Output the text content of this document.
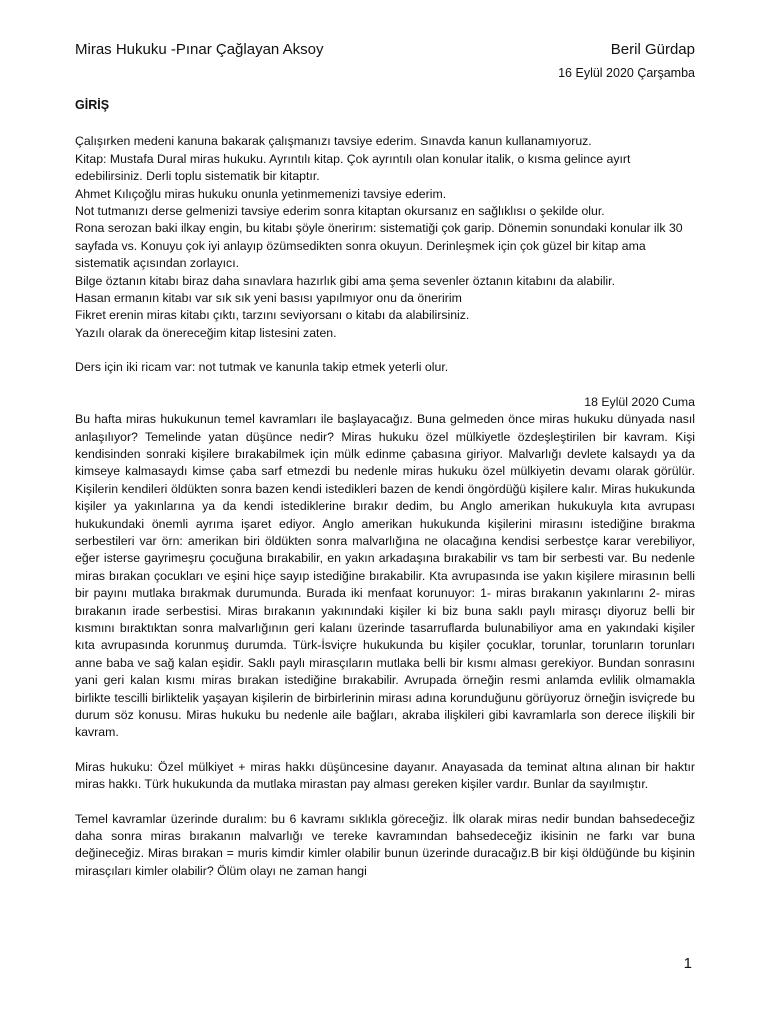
Miras Hukuku -Pınar Çağlayan Aksoy	Beril Gürdap
16 Eylül 2020 Çarşamba

GİRİŞ

Çalışırken medeni kanuna bakarak çalışmanızı tavsiye ederim. Sınavda kanun kullanamıyoruz.

Kitap: Mustafa Dural miras hukuku. Ayrıntılı kitap. Çok ayrıntılı olan konular italik, o kısma gelince ayırt edebilirsiniz. Derli toplu sistematik bir kitaptır.

Ahmet Kılıçoğlu miras hukuku onunla yetinmemenizi tavsiye ederim.

Not tutmanızı derse gelmenizi tavsiye ederim sonra kitaptan okursanız en sağlıklısı o şekilde olur.

Rona serozan baki ilkay engin, bu kitabı şöyle önerirım: sistematiği çok garip. Dönemin sonundaki konular ilk 30 sayfada vs. Konuyu çok iyi anlayıp özümsedikten sonra okuyun. Derinleşmek için çok güzel bir kitap ama sistematik açısından zorlayıcı.

Bilge öztanın kitabı biraz daha sınavlara hazırlık gibi ama şema sevenler öztanın kitabını da alabilir.

Hasan ermanın kitabı var sık sık yeni basısı yapılmıyor onu da öneririm

Fikret erenin miras kitabı çıktı, tarzını seviyorsanı o kitabı da alabilirsiniz.

Yazılı olarak da önereceğim kitap listesini zaten.

Ders için iki ricam var: not tutmak ve kanunla takip etmek yeterli olur.

18 Eylül 2020 Cuma

Bu hafta miras hukukunun temel kavramları ile başlayacağız. Buna gelmeden önce miras hukuku dünyada nasıl anlaşılıyor? Temelinde yatan düşünce nedir? Miras hukuku özel mülkiyetle özdeşleştirilen bir kavram. Kişi kendisinden sonraki kişilere bırakabilmek için mülk edinme çabasına giriyor. Malvarlığı devlete kalsaydı ya da kimseye kalmasaydı kimse çaba sarf etmezdi bu nedenle miras hukuku özel mülkiyetin devamı olarak görülür. Kişilerin kendileri öldükten sonra bazen kendi istedikleri bazen de kendi öngördüğü kişilere kalır. Miras hukukunda kişiler ya yakınlarına ya da kendi istediklerine bırakır dedim, bu Anglo amerikan hukukuyla kıta avrupası hukukundaki önemli ayrıma işaret ediyor. Anglo amerikan hukukunda kişilerini mirasını istediğine bırakma serbestileri var örn: amerikan biri öldükten sonra malvarlığına ne olacağına kendisi serbestçe karar verebiliyor, eğer isterse gayrimeşru çocuğuna bırakabilir, en yakın arkadaşına bırakabilir vs tam bir serbesti var. Bu nedenle miras bırakan çocukları ve eşini hiçe sayıp istediğine bırakabilir. Kta avrupasında ise yakın kişilere mirasının belli bir payını mutlaka bırakmak durumunda. Burada iki menfaat korunuyor: 1- miras bırakanın yakınlarını 2- miras bırakanın irade serbestisi. Miras bırakanın yakınındaki kişiler ki biz buna saklı paylı mirasçı diyoruz belli bir kısmını bıraktıktan sonra malvarlığının geri kalanı üzerinde tasarruflarda bulunabiliyor ama en yakındaki kişiler kıta avrupasında korunmuş durumda. Türk-İsviçre hukukunda bu kişiler çocuklar, torunlar, torunların torunları anne baba ve sağ kalan eşidir. Saklı paylı mirasçıların mutlaka belli bir kısmı alması gerekiyor. Bundan sonrasını yani geri kalan kısmı miras bırakan istediğine bırakabilir. Avrupada örneğin resmi anlamda evlilik olmamakla birlikte tescilli birliktelik yaşayan kişilerin de birbirlerinin mirası adına korunduğunu görüyoruz örneğin isviçrede bu durum söz konusu. Miras hukuku bu nedenle aile bağları, akraba ilişkileri gibi kavramlarla son derece ilişkili bir kavram.

Miras hukuku: Özel mülkiyet + miras hakkı düşüncesine dayanır. Anayasada da teminat altına alınan bir haktır miras hakkı. Türk hukukunda da mutlaka mirastan pay alması gereken kişiler vardır. Bunlar da sayılmıştır.

Temel kavramlar üzerinde duralım: bu 6 kavramı sıklıkla göreceğiz. İlk olarak miras nedir bundan bahsedeceğiz daha sonra miras bırakanın malvarlığı ve tereke kavramından bahsedeceğiz ikisinin ne farkı var buna değineceğiz. Miras bırakan = muris kimdir kimler olabilir bunun üzerinde duracağız.B bir kişi öldüğünde bu kişinin mirasçıları kimler olabilir? Ölüm olayı ne zaman hangi

1
